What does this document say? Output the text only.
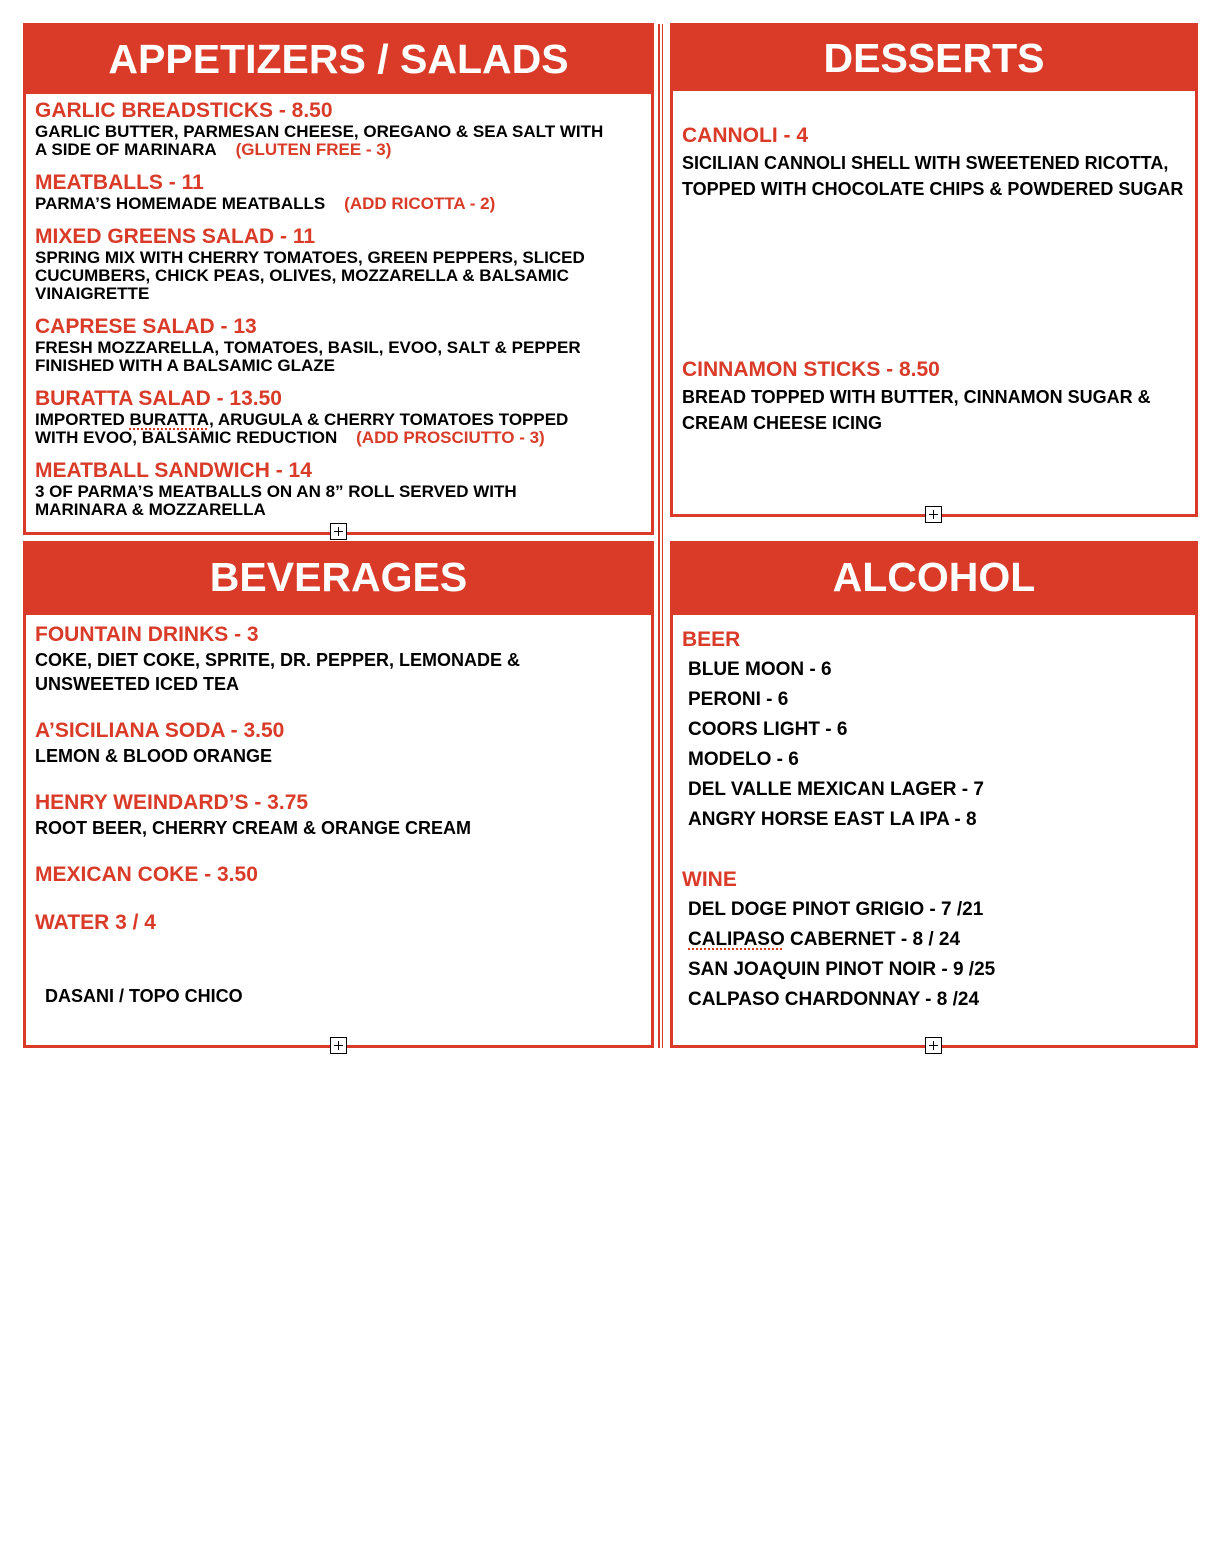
APPETIZERS / SALADS
GARLIC BREADSTICKS - 8.50
GARLIC BUTTER, PARMESAN CHEESE, OREGANO & SEA SALT WITH
A SIDE OF MARINARA (GLUTEN FREE - 3)
MEATBALLS - 11
PARMA’S HOMEMADE MEATBALLS (ADD RICOTTA - 2)
MIXED GREENS SALAD - 11
SPRING MIX WITH CHERRY TOMATOES, GREEN PEPPERS, SLICED
CUCUMBERS, CHICK PEAS, OLIVES, MOZZARELLA & BALSAMIC
VINAIGRETTE
CAPRESE SALAD - 13
FRESH MOZZARELLA, TOMATOES, BASIL, EVOO, SALT & PEPPER
FINISHED WITH A BALSAMIC GLAZE
BURATTA SALAD - 13.50
IMPORTED BURATTA, ARUGULA & CHERRY TOMATOES TOPPED
WITH EVOO, BALSAMIC REDUCTION (ADD PROSCIUTTO - 3)
MEATBALL SANDWICH - 14
3 OF PARMA’S MEATBALLS ON AN 8” ROLL SERVED WITH
MARINARA & MOZZARELLA
DESSERTS
CANNOLI - 4
SICILIAN CANNOLI SHELL WITH SWEETENED RICOTTA,
TOPPED WITH CHOCOLATE CHIPS & POWDERED SUGAR
CINNAMON STICKS - 8.50
BREAD TOPPED WITH BUTTER, CINNAMON SUGAR &
CREAM CHEESE ICING
BEVERAGES
FOUNTAIN DRINKS - 3
COKE, DIET COKE, SPRITE, DR. PEPPER, LEMONADE &
UNSWEETED ICED TEA
A’SICILIANA SODA - 3.50
LEMON & BLOOD ORANGE
HENRY WEINDARD’S - 3.75
ROOT BEER, CHERRY CREAM & ORANGE CREAM
MEXICAN COKE - 3.50
WATER 3 / 4

DASANI / TOPO CHICO

ALCOHOL
BEER
BLUE MOON - 6
PERONI - 6
COORS LIGHT - 6
MODELO - 6
DEL VALLE MEXICAN LAGER - 7
ANGRY HORSE EAST LA IPA - 8
WINE
DEL DOGE PINOT GRIGIO - 7 /21
CALIPASO CABERNET - 8 / 24
SAN JOAQUIN PINOT NOIR - 9 /25
CALPASO CHARDONNAY - 8 /24
